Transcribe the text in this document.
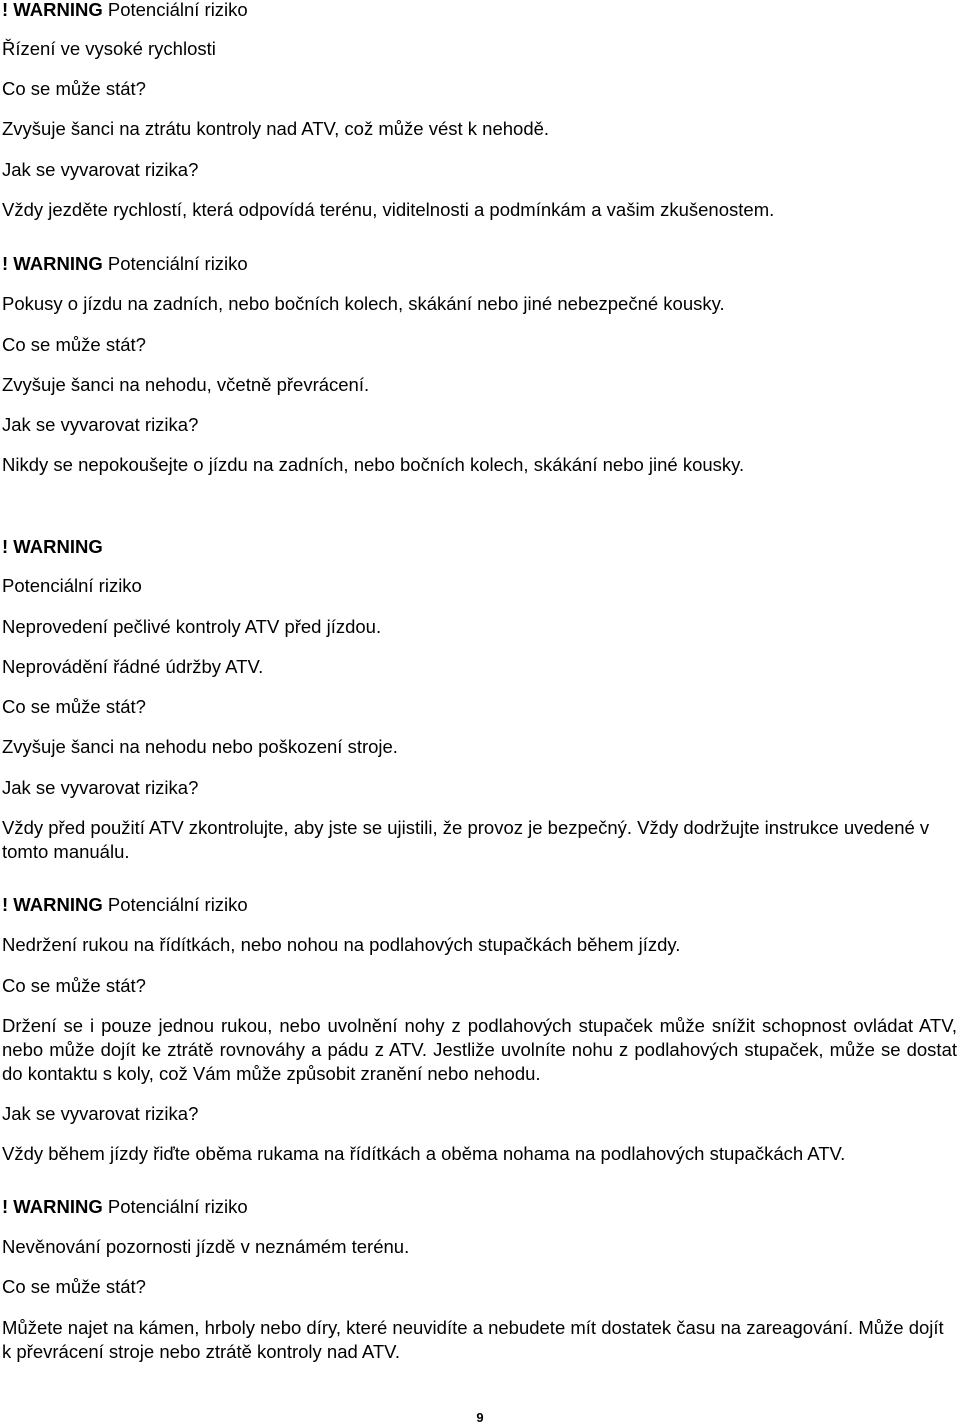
! WARNING Potenciální riziko
Řízení ve vysoké rychlosti
Co se může stát?
Zvyšuje šanci na ztrátu kontroly nad ATV, což může vést k nehodě.
Jak se vyvarovat rizika?
Vždy jezděte rychlostí, která odpovídá terénu, viditelnosti a podmínkám a vašim zkušenostem.
! WARNING Potenciální riziko
Pokusy o jízdu na zadních, nebo bočních kolech, skákání nebo jiné nebezpečné kousky.
Co se může stát?
Zvyšuje šanci na nehodu, včetně převrácení.
Jak se vyvarovat rizika?
Nikdy se nepokoušejte o jízdu na zadních, nebo bočních kolech, skákání nebo jiné kousky.
! WARNING
Potenciální riziko
Neprovedení pečlivé kontroly ATV před jízdou.
Neprovádění řádné údržby ATV.
Co se může stát?
Zvyšuje šanci na nehodu nebo poškození stroje.
Jak se vyvarovat rizika?
Vždy před použití ATV zkontrolujte, aby jste se ujistili, že provoz je bezpečný. Vždy dodržujte instrukce uvedené v tomto manuálu.
! WARNING Potenciální riziko
Nedržení rukou na řídítkách, nebo nohou na podlahových stupačkách během jízdy.
Co se může stát?
Držení se i pouze jednou rukou, nebo uvolnění nohy z podlahových stupaček může snížit schopnost ovládat ATV, nebo může dojít ke ztrátě rovnováhy a pádu z ATV. Jestliže uvolníte nohu z podlahových stupaček, může se dostat do kontaktu s koly, což Vám může způsobit zranění nebo nehodu.
Jak se vyvarovat rizika?
Vždy během jízdy řiďte oběma rukama na řídítkách a oběma nohama na podlahových stupačkách ATV.
! WARNING Potenciální riziko
Nevěnování pozornosti jízdě v neznámém terénu.
Co se může stát?
Můžete najet na kámen, hrboly nebo díry, které neuvidíte a nebudete mít dostatek času na zareagování. Může dojít k převrácení stroje nebo ztrátě kontroly nad ATV.
9
